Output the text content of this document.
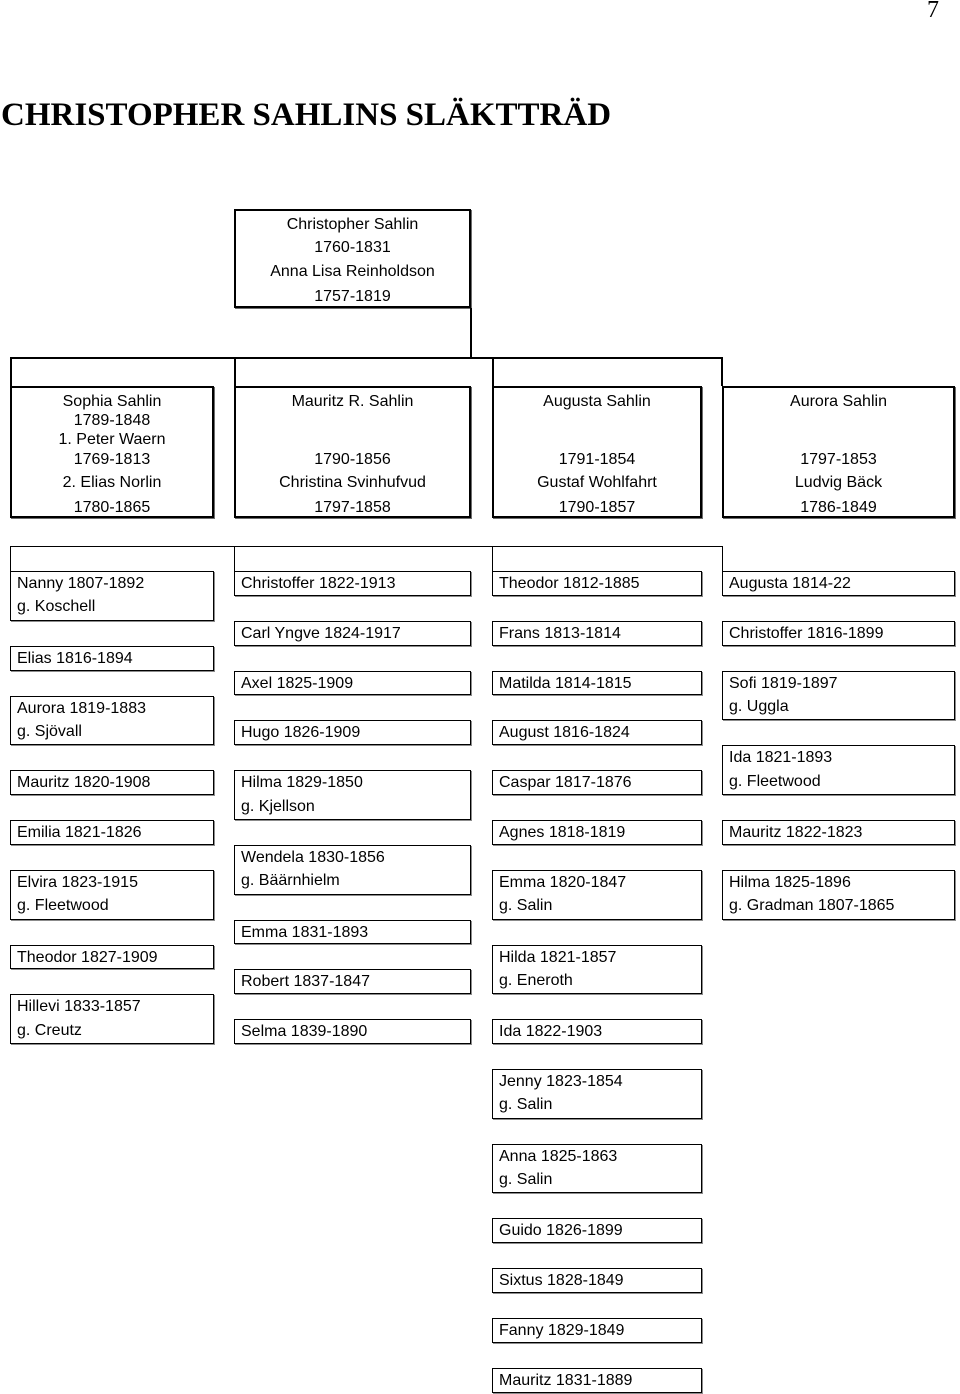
7
CHRISTOPHER SAHLINS SLÄKTTRÄD
Christopher Sahlin
1760-1831
Anna Lisa Reinholdson
1757-1819
Sophia Sahlin
1789-1848
1. Peter Waern
1769-1813
2. Elias Norlin
1780-1865
Mauritz R. Sahlin
1790-1856
Christina Svinhufvud
1797-1858
Augusta Sahlin
1791-1854
Gustaf Wohlfahrt
1790-1857
Aurora Sahlin
1797-1853
Ludvig Bäck
1786-1849
Nanny 1807-1892
g. Koschell
Elias 1816-1894
Aurora 1819-1883
g. Sjövall
Mauritz 1820-1908
Emilia 1821-1826
Elvira 1823-1915
g. Fleetwood
Theodor 1827-1909
Hillevi 1833-1857
g. Creutz
Christoffer 1822-1913
Carl Yngve 1824-1917
Axel 1825-1909
Hugo 1826-1909
Hilma 1829-1850
g. Kjellson
Wendela 1830-1856
g. Bäärnhielm
Emma 1831-1893
Robert 1837-1847
Selma 1839-1890
Theodor 1812-1885
Frans 1813-1814
Matilda 1814-1815
August 1816-1824
Caspar 1817-1876
Agnes 1818-1819
Emma 1820-1847
g. Salin
Hilda 1821-1857
g. Eneroth
Ida 1822-1903
Jenny 1823-1854
g. Salin
Anna 1825-1863
g. Salin
Guido 1826-1899
Sixtus 1828-1849
Fanny 1829-1849
Mauritz 1831-1889
Augusta 1814-22
Christoffer 1816-1899
Sofi 1819-1897
g. Uggla
Ida 1821-1893
g. Fleetwood
Mauritz 1822-1823
Hilma 1825-1896
g. Gradman 1807-1865
